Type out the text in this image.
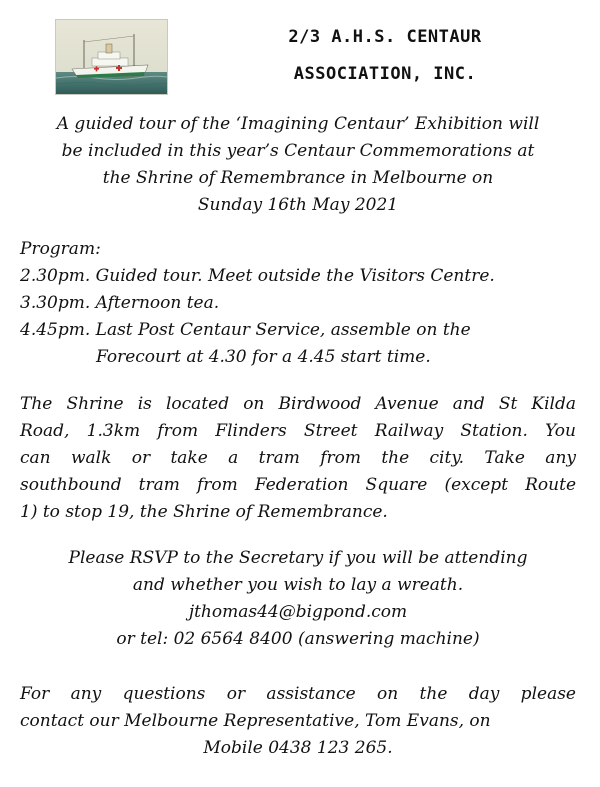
2/3 A.H.S. CENTAUR
ASSOCIATION, INC.
A guided tour of the ‘Imagining Centaur’ Exhibition will
be included in this year’s Centaur Commemorations at
the Shrine of Remembrance in Melbourne on
Sunday 16th May 2021
Program:
2.30pm. Guided tour. Meet outside the Visitors Centre.
3.30pm. Afternoon tea.
4.45pm. Last Post Centaur Service, assemble on the
Forecourt at 4.30 for a 4.45 start time.
The Shrine is located on Birdwood Avenue and St Kilda
Road, 1.3km from Flinders Street Railway Station. You
can walk or take a tram from the city. Take any
southbound tram from Federation Square (except Route
1) to stop 19, the Shrine of Remembrance.
Please RSVP to the Secretary if you will be attending
and whether you wish to lay a wreath.
jthomas44@bigpond.com
or tel: 02 6564 8400 (answering machine)
For any questions or assistance on the day please
contact our Melbourne Representative, Tom Evans, on
Mobile 0438 123 265.
